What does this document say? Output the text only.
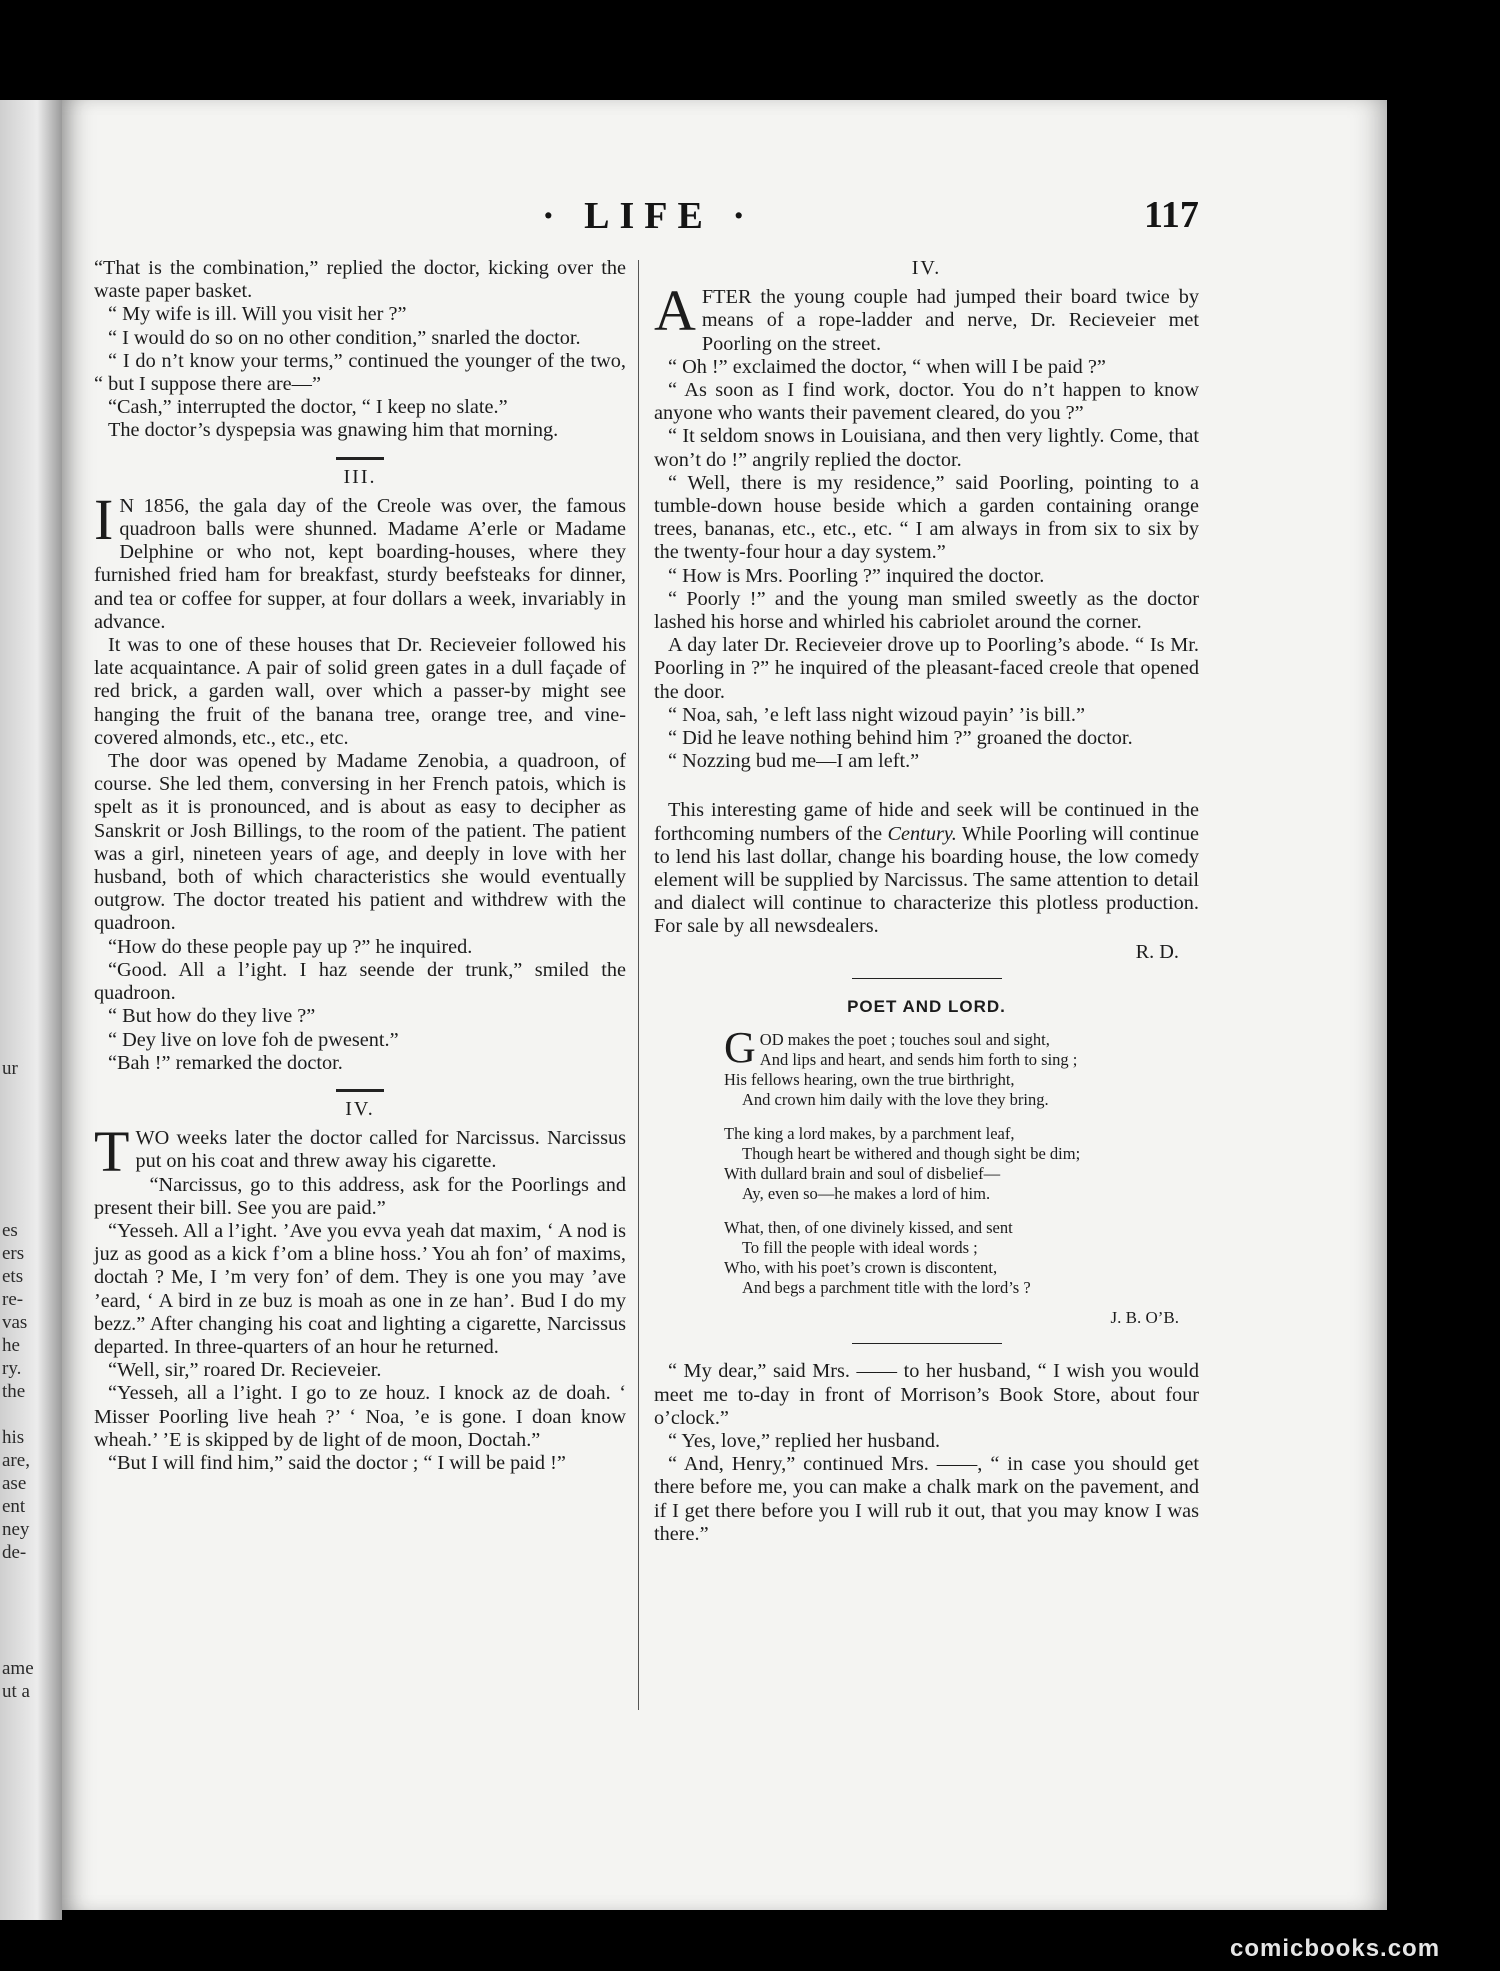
ur
es
ers
ets
re-
vas
he
ry.
the
his
are,
ase
ent
ney
de-
ame
ut a
· LIFE ·	117

“That is the combination,” replied the doctor, kicking over the waste paper basket.

“ My wife is ill. Will you visit her ?”

“ I would do so on no other condition,” snarled the doctor.

“ I do n’t know your terms,” continued the younger of the two, “ but I suppose there are—”

“Cash,” interrupted the doctor, “ I keep no slate.”

The doctor’s dyspepsia was gnawing him that morning.

III.

I N 1856, the gala day of the Creole was over, the famous quadroon balls were shunned. Madame A’erle or Madame Delphine or who not, kept boarding-houses, where they furnished fried ham for breakfast, sturdy beefsteaks for dinner, and tea or coffee for supper, at four dollars a week, invariably in advance.

It was to one of these houses that Dr. Recieveier followed his late acquaintance. A pair of solid green gates in a dull façade of red brick, a garden wall, over which a passer-by might see hanging the fruit of the banana tree, orange tree, and vine-covered almonds, etc., etc., etc.

The door was opened by Madame Zenobia, a quadroon, of course. She led them, conversing in her French patois, which is spelt as it is pronounced, and is about as easy to decipher as Sanskrit or Josh Billings, to the room of the patient. The patient was a girl, nineteen years of age, and deeply in love with her husband, both of which characteristics she would eventually outgrow. The doctor treated his patient and withdrew with the quadroon.

“How do these people pay up ?” he inquired.

“Good. All a l’ight. I haz seende der trunk,” smiled the quadroon.

“ But how do they live ?”

“ Dey live on love foh de pwesent.”

“Bah !” remarked the doctor.

IV.

TWO weeks later the doctor called for Narcissus. Narcissus put on his coat and threw away his cigarette.

“Narcissus, go to this address, ask for the Poorlings and present their bill. See you are paid.”

“Yesseh. All a l’ight. ’Ave you evva yeah dat maxim, ‘ A nod is juz as good as a kick f’om a bline hoss.’ You ah fon’ of maxims, doctah ? Me, I ’m very fon’ of dem. They is one you may ’ave ’eard, ‘ A bird in ze buz is moah as one in ze han’. Bud I do my bezz.” After changing his coat and lighting a cigarette, Narcissus departed. In three-quarters of an hour he returned.

“Well, sir,” roared Dr. Recieveier.

“Yesseh, all a l’ight. I go to ze houz. I knock az de doah. ‘ Misser Poorling live heah ?’ ‘ Noa, ’e is gone. I doan know wheah.’ ’E is skipped by de light of de moon, Doctah.”

“But I will find him,” said the doctor ; “ I will be paid !”

IV.

AFTER the young couple had jumped their board twice by means of a rope-ladder and nerve, Dr. Recieveier met Poorling on the street.

“ Oh !” exclaimed the doctor, “ when will I be paid ?”

“ As soon as I find work, doctor. You do n’t happen to know anyone who wants their pavement cleared, do you ?”

“ It seldom snows in Louisiana, and then very lightly. Come, that won’t do !” angrily replied the doctor.

“ Well, there is my residence,” said Poorling, pointing to a tumble-down house beside which a garden containing orange trees, bananas, etc., etc., etc. “ I am always in from six to six by the twenty-four hour a day system.”

“ How is Mrs. Poorling ?” inquired the doctor.

“ Poorly !” and the young man smiled sweetly as the doctor lashed his horse and whirled his cabriolet around the corner.

A day later Dr. Recieveier drove up to Poorling’s abode. “ Is Mr. Poorling in ?” he inquired of the pleasant-faced creole that opened the door.

“ Noa, sah, ’e left lass night wizoud payin’ ’is bill.”

“ Did he leave nothing behind him ?” groaned the doctor.

“ Nozzing bud me—I am left.”

This interesting game of hide and seek will be continued in the forthcoming numbers of the Century. While Poorling will continue to lend his last dollar, change his boarding house, the low comedy element will be supplied by Narcissus. The same attention to detail and dialect will continue to characterize this plotless production. For sale by all newsdealers.

R. D.
POET AND LORD.
G OD makes the poet ; touches soul and sight,
And lips and heart, and sends him forth to sing ;
His fellows hearing, own the true birthright,
And crown him daily with the love they bring.
The king a lord makes, by a parchment leaf,
Though heart be withered and though sight be dim;
With dullard brain and soul of disbelief—
Ay, even so—he makes a lord of him.
What, then, of one divinely kissed, and sent
To fill the people with ideal words ;
Who, with his poet’s crown is discontent,
And begs a parchment title with the lord’s ?
J. B. O’B.

“ My dear,” said Mrs. —— to her husband, “ I wish you would meet me to-day in front of Morrison’s Book Store, about four o’clock.”

“ Yes, love,” replied her husband.

“ And, Henry,” continued Mrs. ——, “ in case you should get there before me, you can make a chalk mark on the pavement, and if I get there before you I will rub it out, that you may know I was there.”

comicbooks.com
